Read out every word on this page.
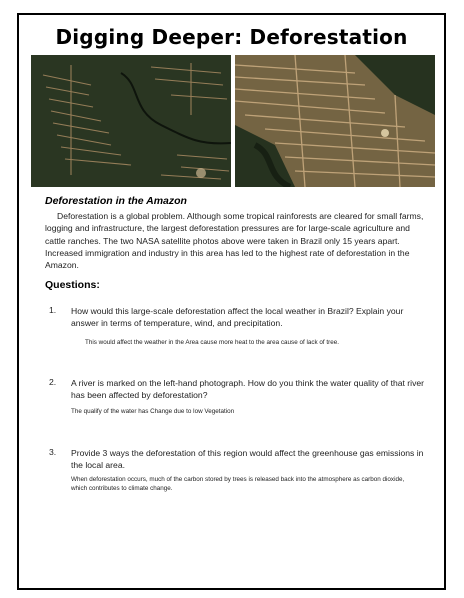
Digging Deeper: Deforestation
Deforestation in the Amazon

Deforestation is a global problem. Although some tropical rainforests are cleared for small farms, logging and infrastructure, the largest deforestation pressures are for large-scale agriculture and cattle ranches. The two NASA satellite photos above were taken in Brazil only 15 years apart. Increased immigration and industry in this area has led to the highest rate of deforestation in the Amazon.

Questions:
1. How would this large-scale deforestation affect the local weather in Brazil? Explain your answer in terms of temperature, wind, and precipitation.

This would affect the weather in the Area cause more heat to the area cause of lack of tree.

2. A river is marked on the left-hand photograph. How do you think the water quality of that river has been affected by deforestation?

The qualify of the water has Change due to low Vegetation

3. Provide 3 ways the deforestation of this region would affect the greenhouse gas emissions in the local area.

When deforestation occurs, much of the carbon stored by trees is released back into the atmosphere as carbon dioxide, which contributes to climate change.
